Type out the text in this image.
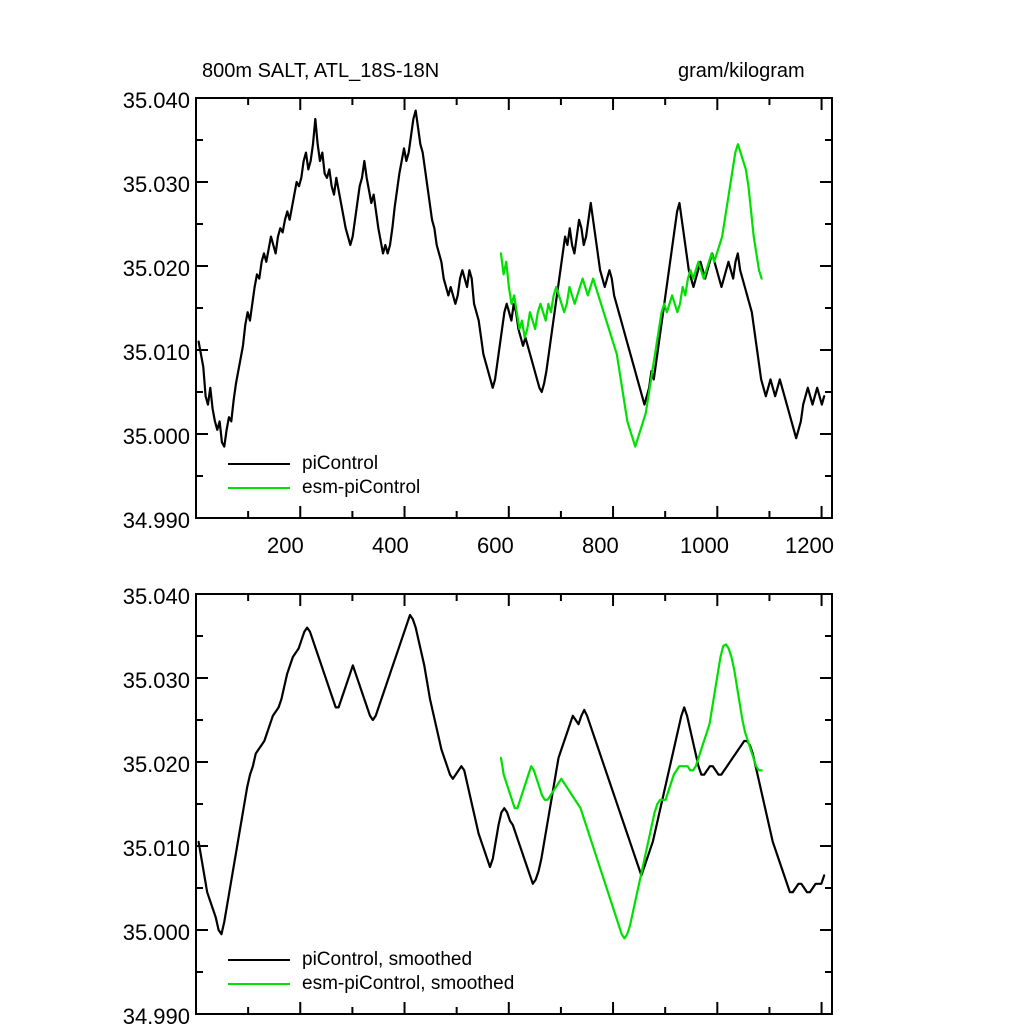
800m SALT, ATL_18S-18N	gram/kilogram
35.040
35.030
35.020
35.010
35.000
34.990
200	400	600	800	1000	1200
piControl
esm-piControl
35.040
35.030
35.020
35.010
35.000
34.990
piControl, smoothed
esm-piControl, smoothed
